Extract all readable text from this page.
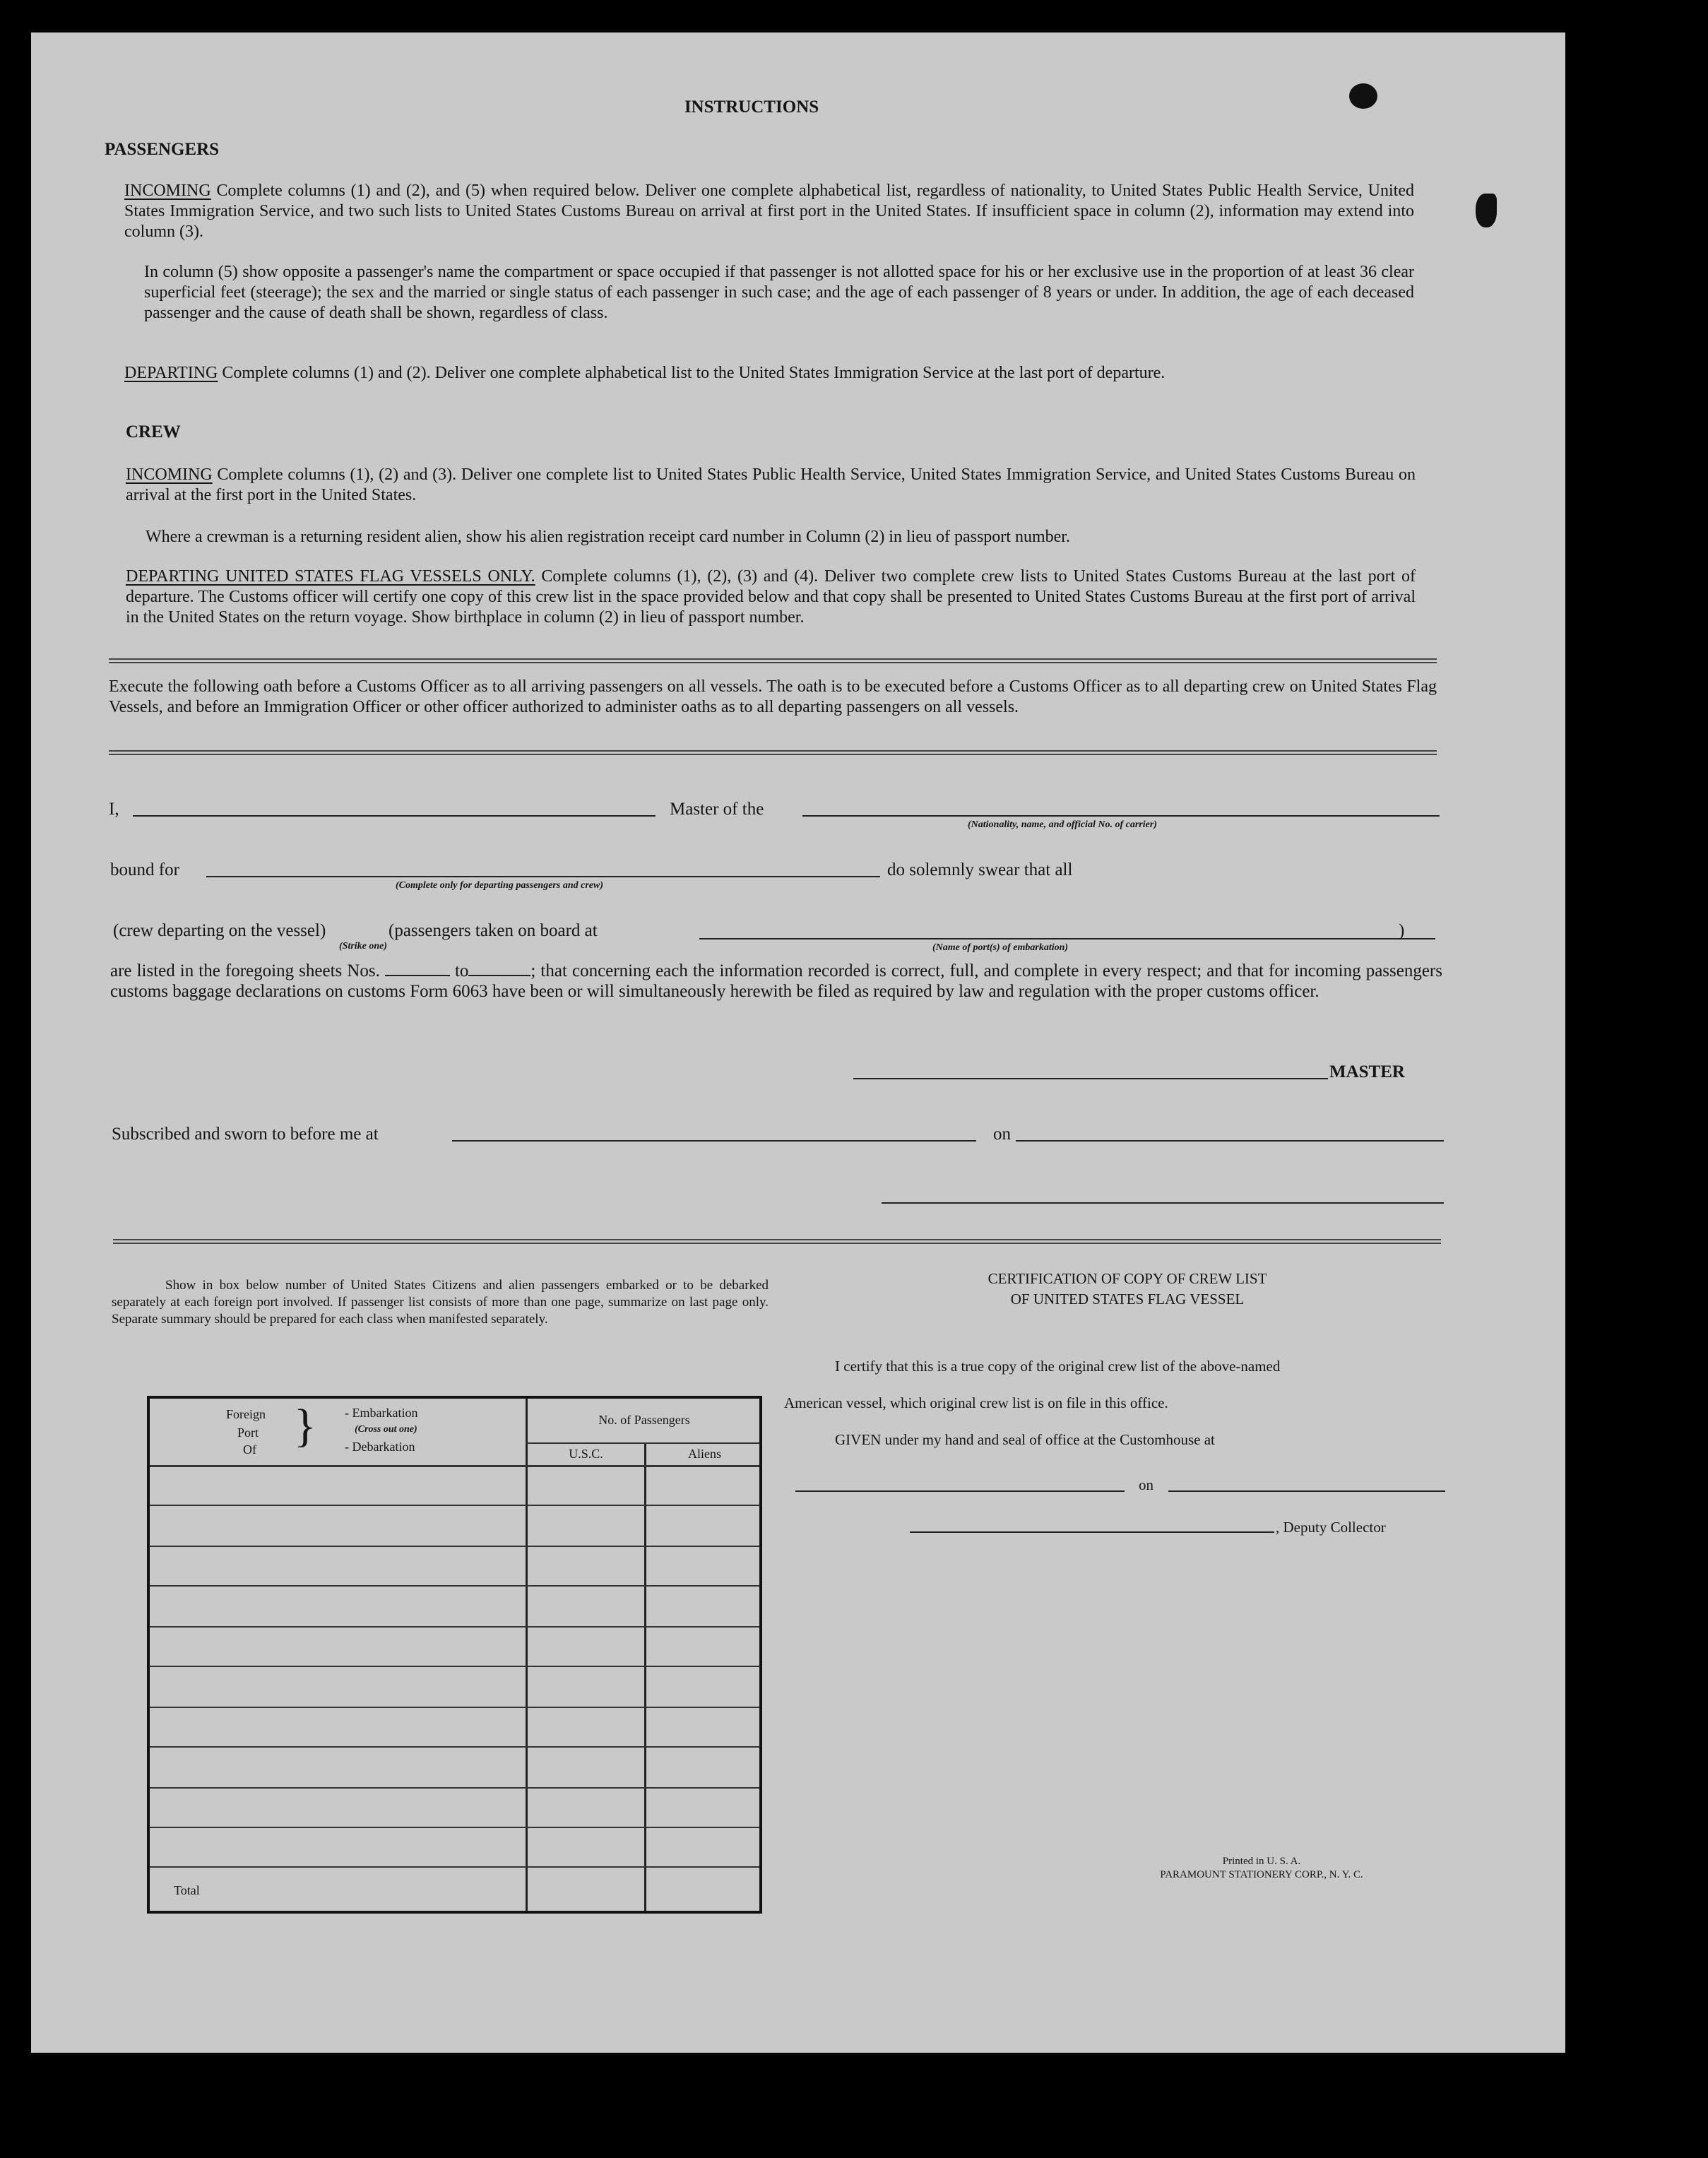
INSTRUCTIONS
PASSENGERS
INCOMING Complete columns (1) and (2), and (5) when required below. Deliver one complete alphabetical list, regardless of nationality, to United States Public Health Service, United States Immigration Service, and two such lists to United States Customs Bureau on arrival at first port in the United States. If insufficient space in column (2), information may extend into column (3).
In column (5) show opposite a passenger's name the compartment or space occupied if that passenger is not allotted space for his or her exclusive use in the proportion of at least 36 clear superficial feet (steerage); the sex and the married or single status of each passenger in such case; and the age of each passenger of 8 years or under. In addition, the age of each deceased passenger and the cause of death shall be shown, regardless of class.
DEPARTING Complete columns (1) and (2). Deliver one complete alphabetical list to the United States Immigration Service at the last port of departure.
CREW
INCOMING Complete columns (1), (2) and (3). Deliver one complete list to United States Public Health Service, United States Immigration Service, and United States Customs Bureau on arrival at the first port in the United States.
Where a crewman is a returning resident alien, show his alien registration receipt card number in Column (2) in lieu of passport number.
DEPARTING UNITED STATES FLAG VESSELS ONLY. Complete columns (1), (2), (3) and (4). Deliver two complete crew lists to United States Customs Bureau at the last port of departure. The Customs officer will certify one copy of this crew list in the space provided below and that copy shall be presented to United States Customs Bureau at the first port of arrival in the United States on the return voyage. Show birthplace in column (2) in lieu of passport number.
Execute the following oath before a Customs Officer as to all arriving passengers on all vessels. The oath is to be executed before a Customs Officer as to all departing crew on United States Flag Vessels, and before an Immigration Officer or other officer authorized to administer oaths as to all departing passengers on all vessels.
I,	Master of the
(Nationality, name, and official No. of carrier)
bound for
(Complete only for departing passengers and crew)
do solemnly swear that all
(crew departing on the vessel)	(passengers taken on board at
(Strike one)	(Name of port(s) of embarkation)
)
are listed in the foregoing sheets Nos.	to	; that concerning each the information recorded is correct, full, and complete in every respect; and that for incoming passengers customs baggage declarations on customs Form 6063 have been or will simultaneously herewith be filed as required by law and regulation with the proper customs officer.
MASTER
Subscribed and sworn to before me at	on
Show in box below number of United States Citizens and alien passengers embarked or to be debarked separately at each foreign port involved. If passenger list consists of more than one page, summarize on last page only. Separate summary should be prepared for each class when manifested separately.
Foreign
Port
Of } - Embarkation
(Cross out one)
- Debarkation
No. of Passengers
U.S.C.	Aliens
Total
CERTIFICATION OF COPY OF CREW LIST
OF UNITED STATES FLAG VESSEL
I certify that this is a true copy of the original crew list of the above-named
American vessel, which original crew list is on file in this office.
GIVEN under my hand and seal of office at the Customhouse at
on
, Deputy Collector
Printed in U. S. A.
PARAMOUNT STATIONERY CORP., N. Y. C.
